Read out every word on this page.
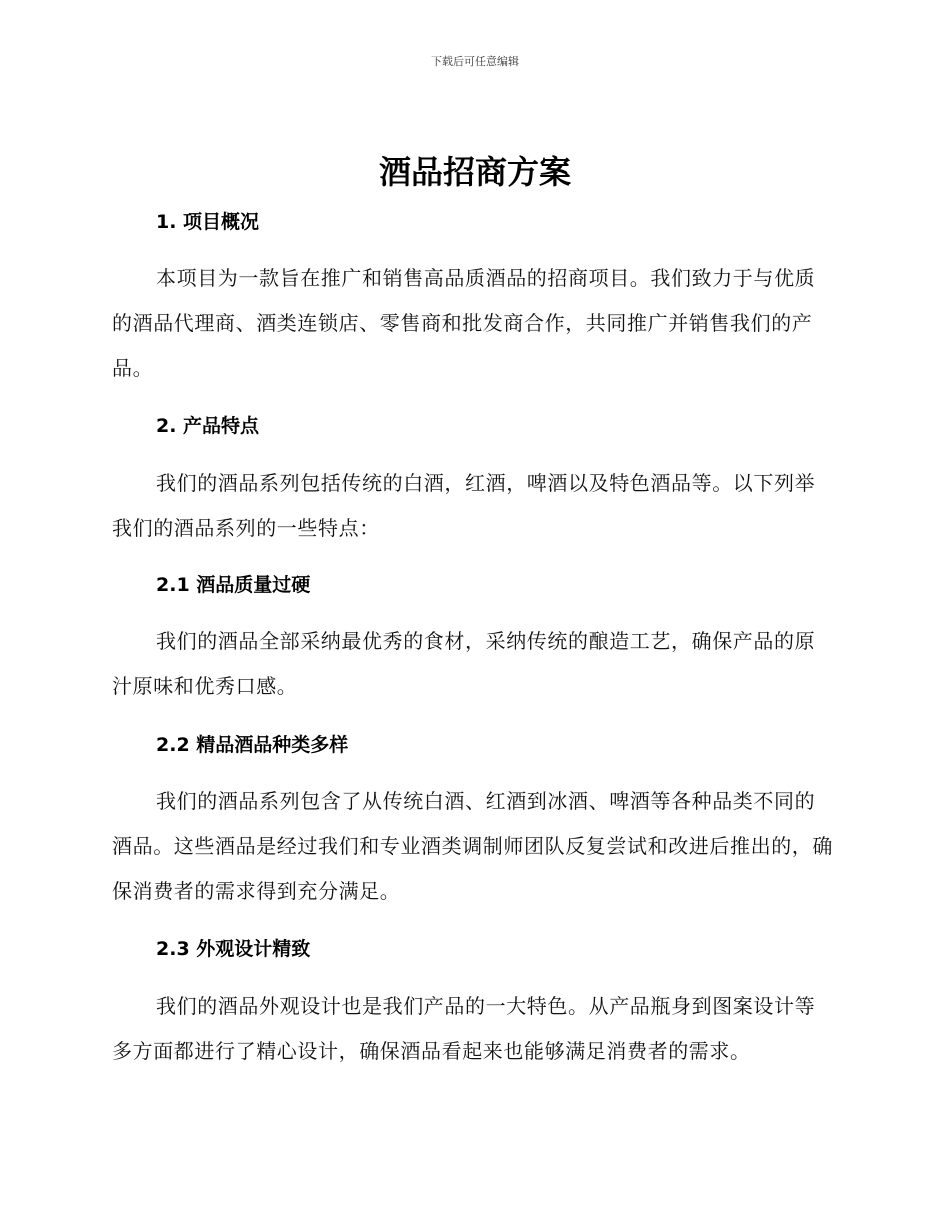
下载后可任意编辑
酒品招商方案
1. 项目概况

本项目为一款旨在推广和销售高品质酒品的招商项目。我们致力于与优质的酒品代理商、酒类连锁店、零售商和批发商合作，共同推广并销售我们的产品。

2. 产品特点

我们的酒品系列包括传统的白酒，红酒，啤酒以及特色酒品等。以下列举我们的酒品系列的一些特点：

2.1 酒品质量过硬

我们的酒品全部采纳最优秀的食材，采纳传统的酿造工艺，确保产品的原汁原味和优秀口感。

2.2 精品酒品种类多样

我们的酒品系列包含了从传统白酒、红酒到冰酒、啤酒等各种品类不同的酒品。这些酒品是经过我们和专业酒类调制师团队反复尝试和改进后推出的，确保消费者的需求得到充分满足。

2.3 外观设计精致

我们的酒品外观设计也是我们产品的一大特色。从产品瓶身到图案设计等多方面都进行了精心设计，确保酒品看起来也能够满足消费者的需求。
